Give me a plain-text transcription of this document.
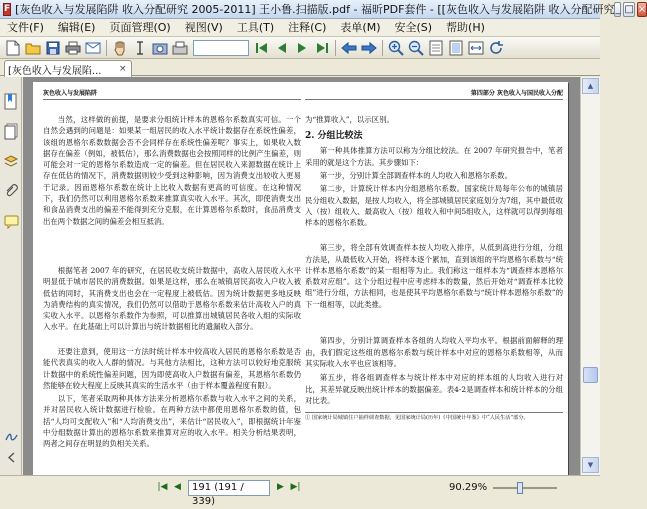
F [灰色收入与发展陷阱 收入分配研究 2005-2011] 王小鲁.扫描版.pdf - 福昕PDF套件 - [[灰色收入与发展陷阱 收入分配研究 _ □ ×
文件(F)	编辑(E)	页面管理(O)	视图(V)	工具(T)	注释(C)	表单(M)	安全(S)	帮助(H)
[灰色收入与发展陷...	×
灰色收入与发展陷阱

当然，这样做的前提，是要求分组统计样本的恩格尔系数真实可信。一个自然会遇到的问题是：如果某一组居民的收入水平统计数据存在系统性偏差，该组的恩格尔系数数据会否不会同样存在系统性偏差呢？事实上，如果收入数据存在偏差（例如，被低估），那么消费数据也会按照同样的比例产生偏差，则可能会对一定的恩格尔系数造成一定的偏差。但在居民收入来源数据在统计上存在低估的情况下，消费数据则较少受到这种影响，因为消费支出较收入更易于记录。因而恩格尔系数在统计上比收入数据有更高的可信度。在这种情况下，我们仍然可以利用恩格尔系数来推算真实收入水平。其次，即使消费支出和食品消费支出的偏差不能得到充分克服，在计算恩格尔系数时，食品消费支出在两个数据之间的偏差会相互抵消。

根据笔者 2007 年的研究，在居民收支统计数据中，高收入居民收入水平明显低于城市居民的消费数据。如果是这样，那么在城镇居民高收入户收入被低估的同时，其消费支出也会在一定程度上被低估。因为统计数据更多地反映为消费结构的真实情况，我们仍然可以借助于恩格尔系数来估计高收入户的真实收入水平。以恩格尔系数作为参照，可以推算出城镇居民各收入组的实际收入水平。在此基础上可以计算出与统计数据相比的遗漏收入部分。

还要注意到，使用这一方法时统计样本中较高收入居民的恩格尔系数是否能代表真实的收入人群的情况。与其他方法相比，这种方法可以较好地克服统计数据中的系统性偏差问题，因为即使高收入户数据有偏差，其恩格尔系数仍然能够在较大程度上反映其真实的生活水平（由于样本覆盖程度有限）。

以下，笔者采取两种具体方法来分析恩格尔系数与收入水平之间的关系，并对居民收入统计数据进行检验。在两种方法中都使用恩格尔系数的值，包括“人均可支配收入”和“人均消费支出”，来估计“居民收入”，即根据统计年鉴中分组数据计算出的恩格尔系数来推算对应的收入水平。相关分析结果表明，两者之间存在明显的负相关关系。

第四部分 灰色收入与国民收入分配

为“推算收入”，以示区别。

2. 分组比较法

第一种具体推算方法可以称为分组比较法。在 2007 年研究报告中，笔者采用的就是这个方法。其步骤如下：

第一步，分别计算全部调查样本的人均收入和恩格尔系数。

第二步，计算统计样本内分组恩格尔系数。国家统计局每年公布的城镇居民分组收入数据，是按人均收入，将全部城镇居民家庭划分为7组，其中最低收入（按）组收入、最高收入（按）组收入和中间5组收入，这样就可以得到每组样本的恩格尔系数。

第三步，将全部有效调查样本按人均收入排序，从低到高进行分组，分组方法是，从最低收入开始，将样本逐个累加，直到该组的平均恩格尔系数与“统计样本恩格尔系数”的某一组相等为止。我们称这一组样本为“调查样本恩格尔系数对应组”。这个分组过程中应考虑样本的数量，然后开始对“调查样本比较组”进行分组，方法相同，也是使其平均恩格尔系数与“统计样本恩格尔系数”的下一组相等，以此类推。

第四步，分别计算调查样本各组的人均收入平均水平。根据前面解释的理由，我们假定这些组的恩格尔系数与统计样本中对应的恩格尔系数相等，从而其实际收入水平也应该相等。

第五步，将各组调查样本与统计样本中对应的样本组的人均收入进行对比，其差异就反映出统计样本的数据偏差。表4-2是调查样本和统计样本的分组对比表。

① 国家统计局城镇住户抽样调查数据，见国家统计局(历年)《中国统计年鉴》中“人民生活”部分。
▲
▼
|◀ ◀	191 (191 / 339)
▶ ▶|	90.29%
